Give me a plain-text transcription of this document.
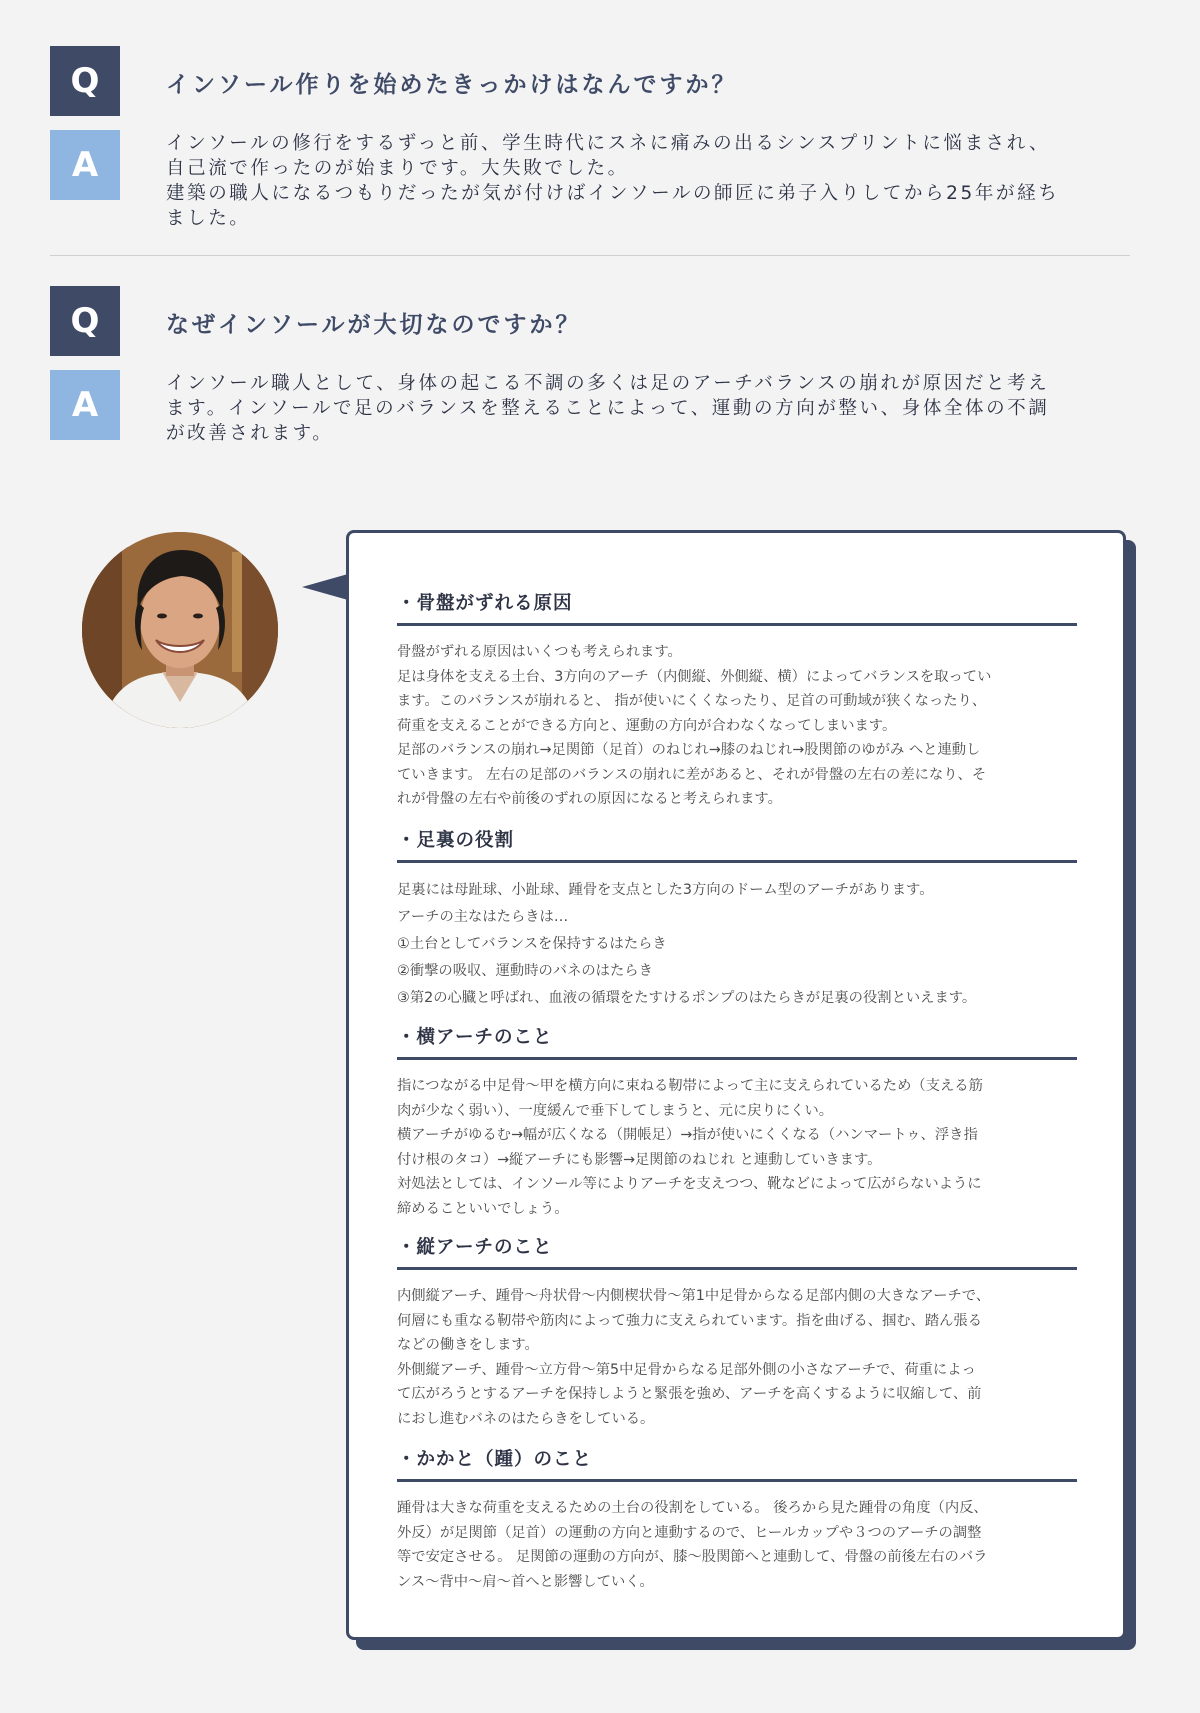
Q	インソール作りを始めたきっかけはなんですか？
A

インソールの修行をするずっと前、学生時代にスネに痛みの出るシンスプリントに悩まされ、

自己流で作ったのが始まりです。大失敗でした。

建築の職人になるつもりだったが気が付けばインソールの師匠に弟子入りしてから25年が経ち

ました。

Q	なぜインソールが大切なのですか？
A

インソール職人として、身体の起こる不調の多くは足のアーチバランスの崩れが原因だと考え

ます。インソールで足のバランスを整えることによって、運動の方向が整い、身体全体の不調

が改善されます。

・骨盤がずれる原因

骨盤がずれる原因はいくつも考えられます。

足は身体を支える土台、3方向のアーチ（内側縦、外側縦、横）によってバランスを取ってい

ます。このバランスが崩れると、 指が使いにくくなったり、足首の可動域が狭くなったり、

荷重を支えることができる方向と、運動の方向が合わなくなってしまいます。

足部のバランスの崩れ→足関節（足首）のねじれ→膝のねじれ→股関節のゆがみ へと連動し

ていきます。 左右の足部のバランスの崩れに差があると、それが骨盤の左右の差になり、そ

れが骨盤の左右や前後のずれの原因になると考えられます。

・足裏の役割

足裏には母趾球、小趾球、踵骨を支点とした3方向のドーム型のアーチがあります。

アーチの主なはたらきは…

①土台としてバランスを保持するはたらき

②衝撃の吸収、運動時のバネのはたらき

③第2の心臓と呼ばれ、血液の循環をたすけるポンプのはたらきが足裏の役割といえます。

・横アーチのこと

指につながる中足骨〜甲を横方向に束ねる靭帯によって主に支えられているため（支える筋

肉が少なく弱い）、一度緩んで垂下してしまうと、元に戻りにくい。

横アーチがゆるむ→幅が広くなる（開帳足）→指が使いにくくなる（ハンマートゥ、浮き指

付け根のタコ）→縦アーチにも影響→足関節のねじれ と連動していきます。

対処法としては、インソール等によりアーチを支えつつ、靴などによって広がらないように

締めることいいでしょう。

・縦アーチのこと

内側縦アーチ、踵骨〜舟状骨〜内側楔状骨〜第1中足骨からなる足部内側の大きなアーチで、

何層にも重なる靭帯や筋肉によって強力に支えられています。指を曲げる、掴む、踏ん張る

などの働きをします。

外側縦アーチ、踵骨〜立方骨〜第5中足骨からなる足部外側の小さなアーチで、荷重によっ

て広がろうとするアーチを保持しようと緊張を強め、アーチを高くするように収縮して、前

におし進むバネのはたらきをしている。

・かかと（踵）のこと

踵骨は大きな荷重を支えるための土台の役割をしている。 後ろから見た踵骨の角度（内反、

外反）が足関節（足首）の運動の方向と連動するので、ヒールカップや３つのアーチの調整

等で安定させる。 足関節の運動の方向が、膝〜股関節へと連動して、骨盤の前後左右のバラ

ンス〜背中〜肩〜首へと影響していく。
